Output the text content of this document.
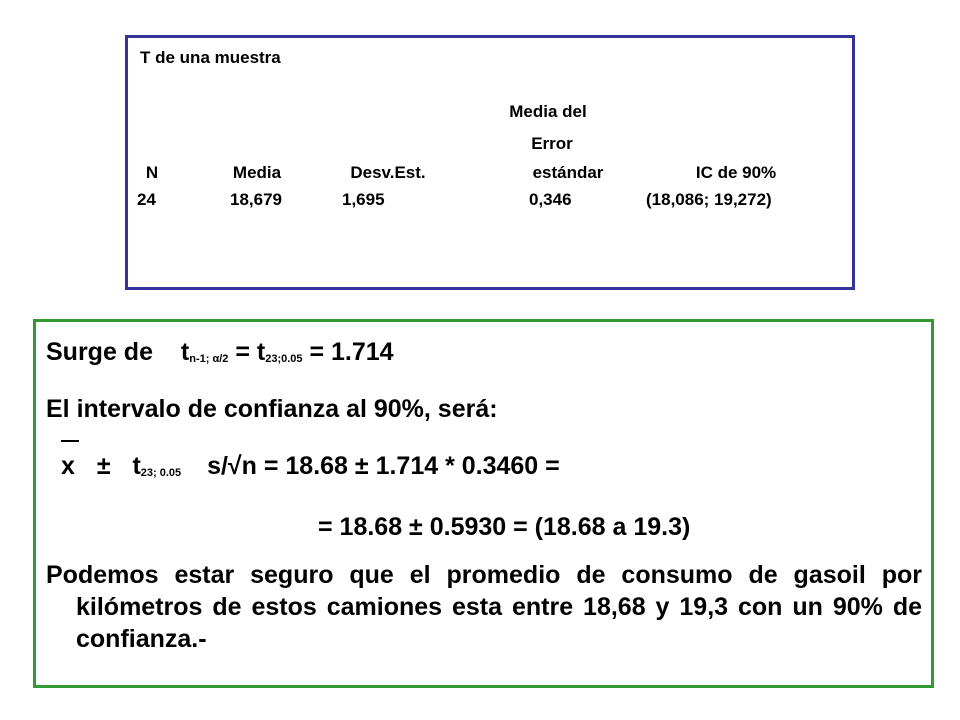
T de una muestra
Media del
Error
N	Media	Desv.Est.	estándar	IC de 90%
24	18,679	1,695	0,346	(18,086; 19,272)
Surge de tn-1; α/2 = t23;0.05 = 1.714
El intervalo de confianza al 90%, será:
x ± t23; 0.05 s/√n = 18.68 ± 1.714 * 0.3460 =
= 18.68 ± 0.5930 = (18.68 a 19.3)
Podemos estar seguro que el promedio de consumo de gasoil por kilómetros de estos camiones esta entre 18,68 y 19,3 con un 90% de confianza.-
